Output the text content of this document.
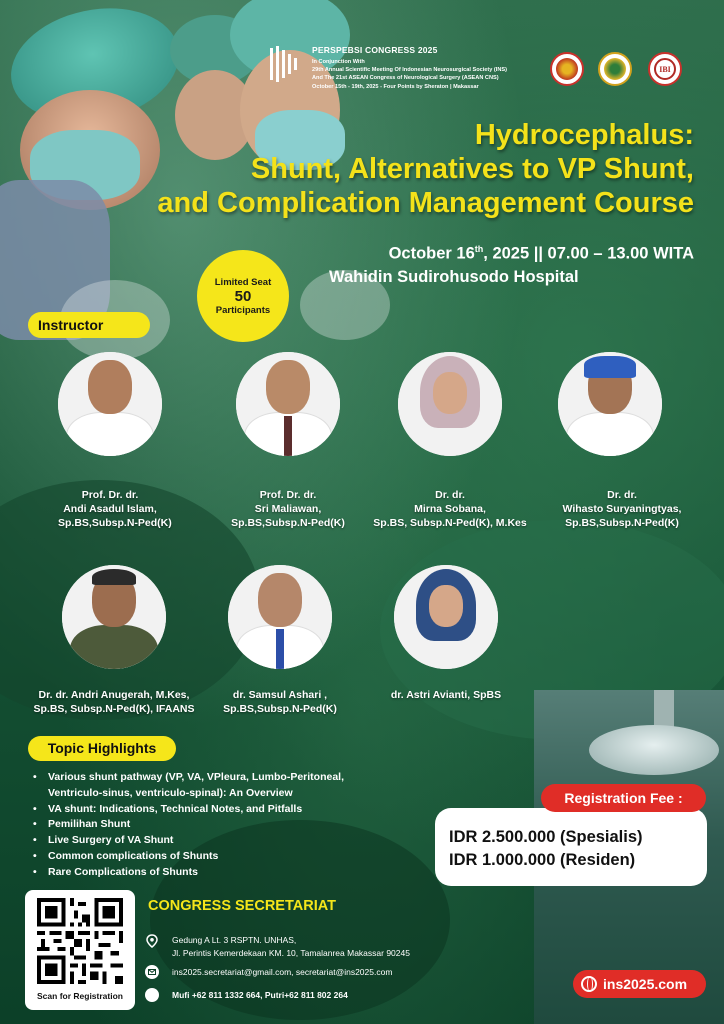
PERSPEBSI CONGRESS 2025
In Conjunction With
29th Annual Scientific Meeting Of Indonesian Neurosurgical Society (INS)
And The 21st ASEAN Congress of Neurological Surgery (ASEAN CNS)
October 15th - 19th, 2025 - Four Points by Sheraton | Makassar
IBI
Hydrocephalus:
Shunt, Alternatives to VP Shunt,
and Complication Management Course
October 16th, 2025 || 07.00 – 13.00 WITA
Wahidin Sudirohusodo Hospital
Limited Seat
50
Participants
Instructor
Prof. Dr. dr.
Andi Asadul Islam,
Sp.BS,Subsp.N-Ped(K)
Prof. Dr. dr.
Sri Maliawan,
Sp.BS,Subsp.N-Ped(K)
Dr. dr.
Mirna Sobana,
Sp.BS, Subsp.N-Ped(K), M.Kes
Dr. dr.
Wihasto Suryaningtyas,
Sp.BS,Subsp.N-Ped(K)
Dr. dr. Andri Anugerah, M.Kes,
Sp.BS, Subsp.N-Ped(K), IFAANS
dr. Samsul Ashari ,
Sp.BS,Subsp.N-Ped(K)
dr. Astri Avianti, SpBS
Topic Highlights
• Various shunt pathway (VP, VA, VPleura, Lumbo-Peritoneal,
Ventriculo-sinus, ventriculo-spinal): An Overview
• VA shunt: Indications, Technical Notes, and Pitfalls
• Pemilihan Shunt
• Live Surgery of VA Shunt
• Common complications of Shunts
• Rare Complications of Shunts
IDR 2.500.000 (Spesialis)
IDR 1.000.000 (Residen)
Registration Fee :
Scan for Registration
CONGRESS SECRETARIAT
Gedung A Lt. 3 RSPTN. UNHAS,
Jl. Perintis Kemerdekaan KM. 10, Tamalanrea Makassar 90245
ins2025.secretariat@gmail.com, secretariat@ins2025.com
Mufi +62 811 1332 664, Putri+62 811 802 264
ins2025.com
